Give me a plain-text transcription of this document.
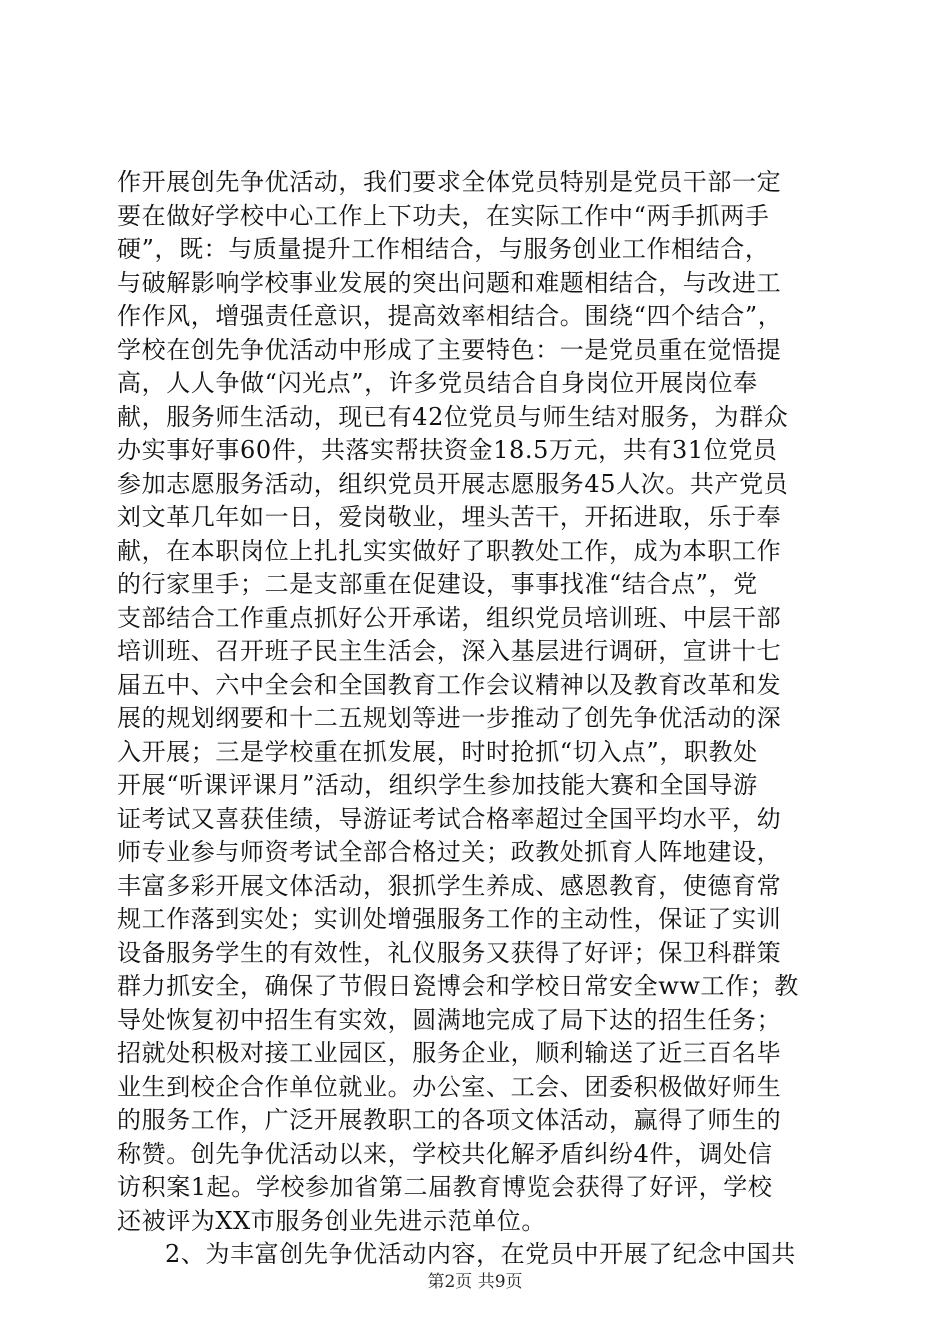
作开展创先争优活动，我们要求全体党员特别是党员干部一定
要在做好学校中心工作上下功夫，在实际工作中“两手抓两手
硬”，既：与质量提升工作相结合，与服务创业工作相结合，
与破解影响学校事业发展的突出问题和难题相结合，与改进工
作作风，增强责任意识，提高效率相结合。围绕“四个结合”，
学校在创先争优活动中形成了主要特色：一是党员重在觉悟提
高，人人争做“闪光点”，许多党员结合自身岗位开展岗位奉
献，服务师生活动，现已有42位党员与师生结对服务，为群众
办实事好事60件，共落实帮扶资金18.5万元，共有31位党员
参加志愿服务活动，组织党员开展志愿服务45人次。共产党员
刘文革几年如一日，爱岗敬业，埋头苦干，开拓进取，乐于奉
献，在本职岗位上扎扎实实做好了职教处工作，成为本职工作
的行家里手；二是支部重在促建设，事事找准“结合点”，党
支部结合工作重点抓好公开承诺，组织党员培训班、中层干部
培训班、召开班子民主生活会，深入基层进行调研，宣讲十七
届五中、六中全会和全国教育工作会议精神以及教育改革和发
展的规划纲要和十二五规划等进一步推动了创先争优活动的深
入开展；三是学校重在抓发展，时时抢抓“切入点”，职教处
开展“听课评课月”活动，组织学生参加技能大赛和全国导游
证考试又喜获佳绩，导游证考试合格率超过全国平均水平，幼
师专业参与师资考试全部合格过关；政教处抓育人阵地建设，
丰富多彩开展文体活动，狠抓学生养成、感恩教育，使德育常
规工作落到实处；实训处增强服务工作的主动性，保证了实训
设备服务学生的有效性，礼仪服务又获得了好评；保卫科群策
群力抓安全，确保了节假日瓷博会和学校日常安全ww工作；教
导处恢复初中招生有实效，圆满地完成了局下达的招生任务；
招就处积极对接工业园区，服务企业，顺利输送了近三百名毕
业生到校企合作单位就业。办公室、工会、团委积极做好师生
的服务工作，广泛开展教职工的各项文体活动，赢得了师生的
称赞。创先争优活动以来，学校共化解矛盾纠纷4件，调处信
访积案1起。学校参加省第二届教育博览会获得了好评，学校
还被评为XX市服务创业先进示范单位。
2、为丰富创先争优活动内容，在党员中开展了纪念中国共
第2页 共9页
